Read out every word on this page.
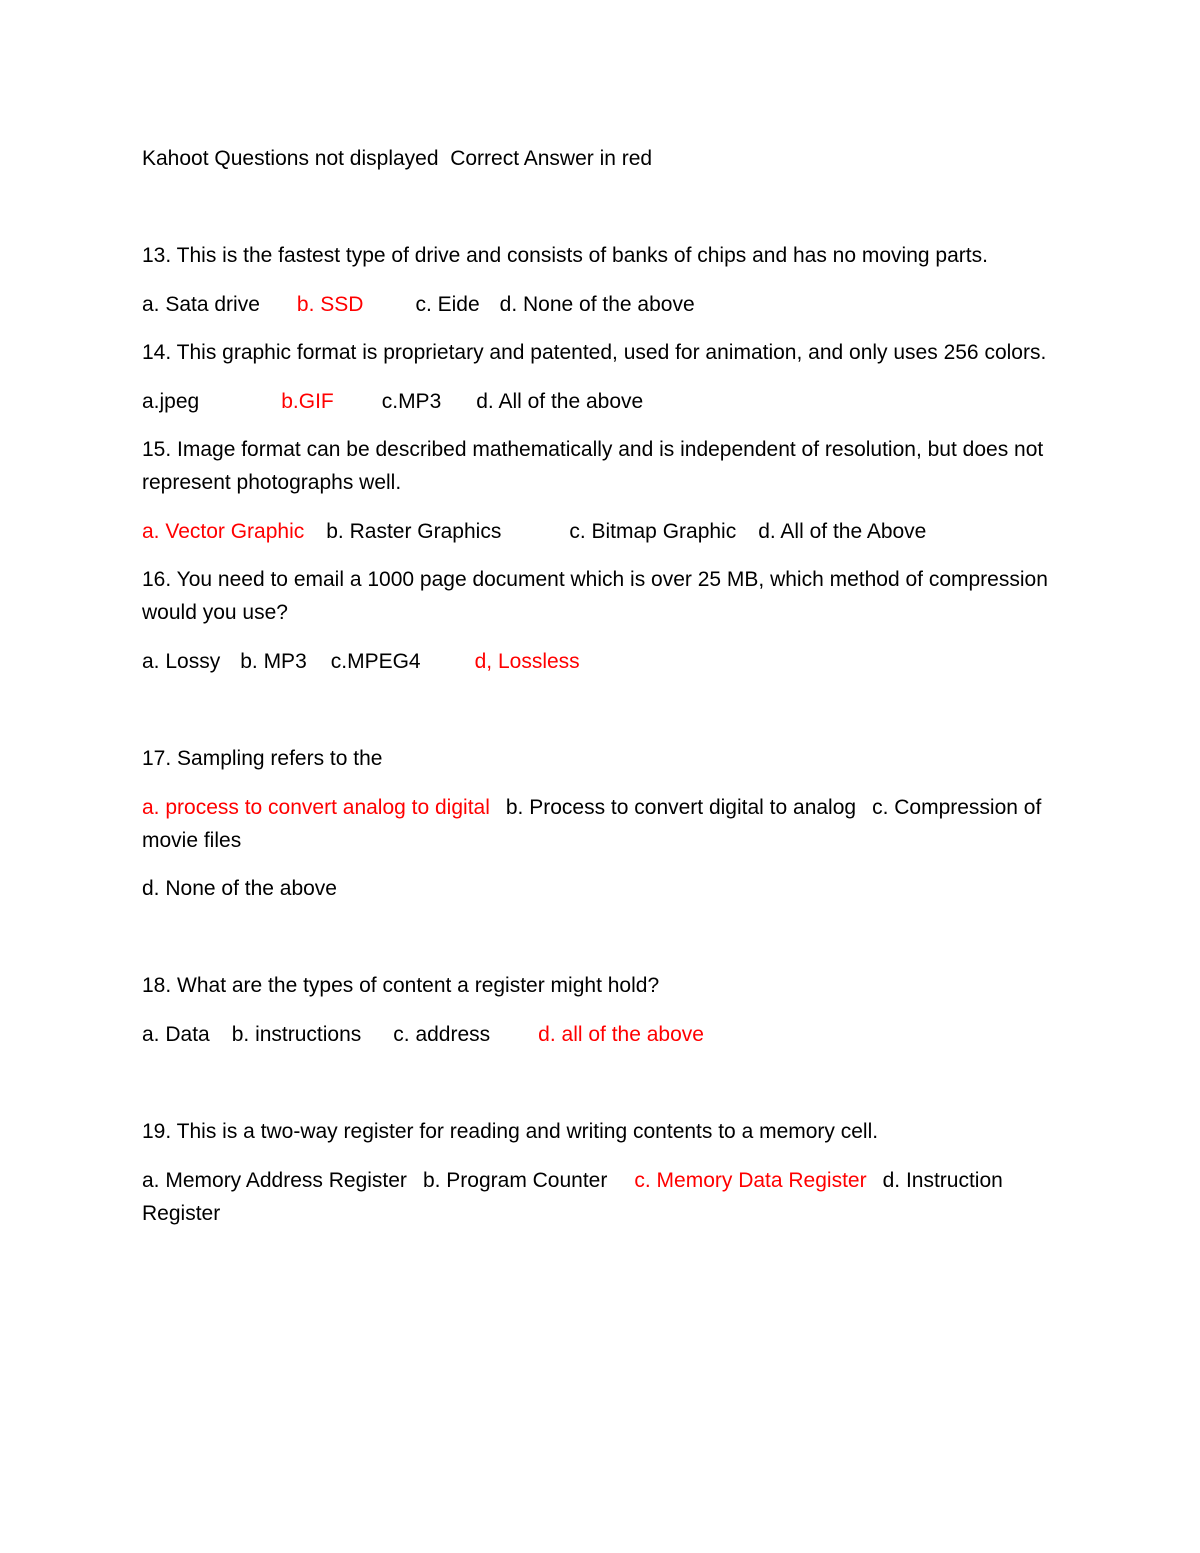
Kahoot Questions not displayed  Correct Answer in red

13. This is the fastest type of drive and consists of banks of chips and has no moving parts.

a. Sata drive b. SSD c. Eide d. None of the above

14. This graphic format is proprietary and patented, used for animation, and only uses 256 colors.

a.jpeg	b.GIF c.MP3 d. All of the above

15. Image format can be described mathematically and is independent of resolution, but does not represent photographs well.

a. Vector Graphic b. Raster Graphics	c. Bitmap Graphic d. All of the Above

16. You need to email a 1000 page document which is over 25 MB, which method of compression would you use?

a. Lossy b. MP3 c.MPEG4	d, Lossless

17. Sampling refers to the

a. process to convert analog to digital b. Process to convert digital to analog c. Compression of movie files

d. None of the above

18. What are the types of content a register might hold?

a. Data b. instructions c. address d. all of the above

19. This is a two-way register for reading and writing contents to a memory cell.

a. Memory Address Register b. Program Counter c. Memory Data Register d. Instruction Register
